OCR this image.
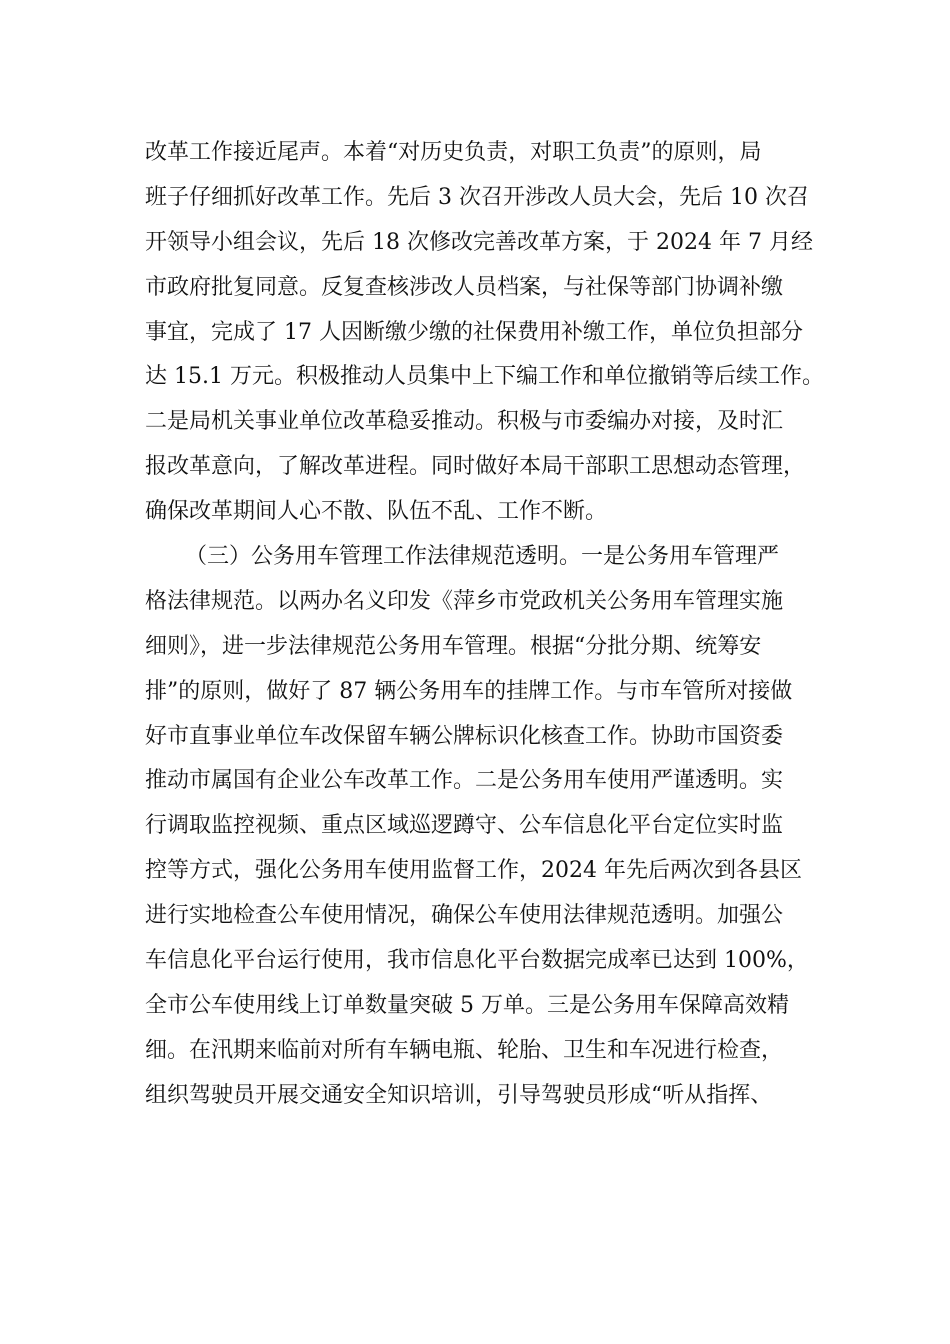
改革工作接近尾声。本着“对历史负责，对职工负责”的原则，局
班子仔细抓好改革工作。先后 3 次召开涉改人员大会，先后 10 次召
开领导小组会议，先后 18 次修改完善改革方案，于 2024 年 7 月经
市政府批复同意。反复查核涉改人员档案，与社保等部门协调补缴
事宜，完成了 17 人因断缴少缴的社保费用补缴工作，单位负担部分
达 15.1 万元。积极推动人员集中上下编工作和单位撤销等后续工作。
二是局机关事业单位改革稳妥推动。积极与市委编办对接，及时汇
报改革意向，了解改革进程。同时做好本局干部职工思想动态管理，
确保改革期间人心不散、队伍不乱、工作不断。
（三）公务用车管理工作法律规范透明。一是公务用车管理严
格法律规范。以两办名义印发《萍乡市党政机关公务用车管理实施
细则》，进一步法律规范公务用车管理。根据“分批分期、统筹安
排”的原则，做好了 87 辆公务用车的挂牌工作。与市车管所对接做
好市直事业单位车改保留车辆公牌标识化核查工作。协助市国资委
推动市属国有企业公车改革工作。二是公务用车使用严谨透明。实
行调取监控视频、重点区域巡逻蹲守、公车信息化平台定位实时监
控等方式，强化公务用车使用监督工作，2024 年先后两次到各县区
进行实地检查公车使用情况，确保公车使用法律规范透明。加强公
车信息化平台运行使用，我市信息化平台数据完成率已达到 100%，
全市公车使用线上订单数量突破 5 万单。三是公务用车保障高效精
细。在汛期来临前对所有车辆电瓶、轮胎、卫生和车况进行检查，
组织驾驶员开展交通安全知识培训，引导驾驶员形成“听从指挥、
